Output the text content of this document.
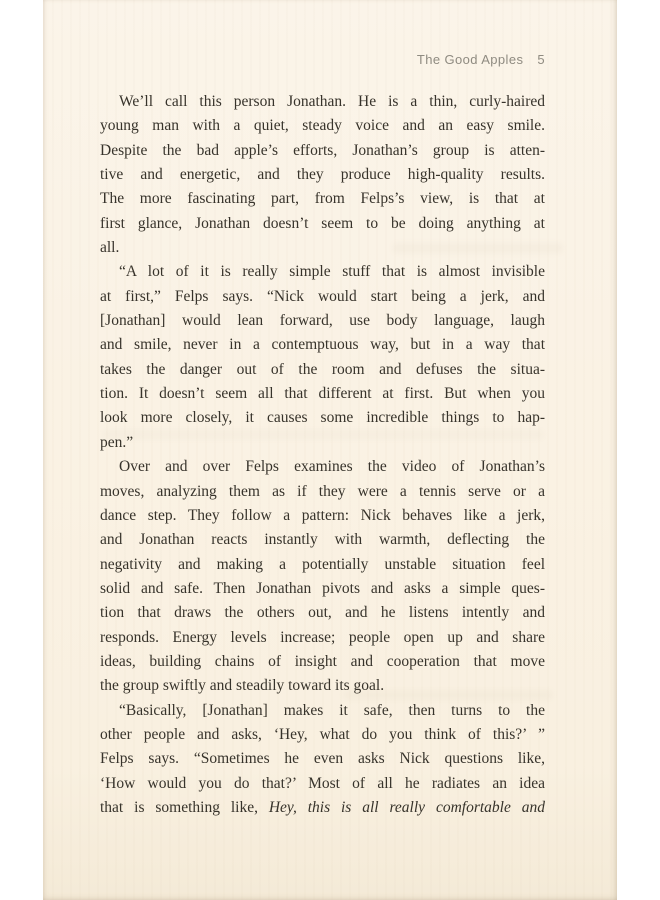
The Good Apples 5
We’ll call this person Jonathan. He is a thin, curly-haired
young man with a quiet, steady voice and an easy smile.
Despite the bad apple’s efforts, Jonathan’s group is atten-
tive and energetic, and they produce high-quality results.
The more fascinating part, from Felps’s view, is that at
first glance, Jonathan doesn’t seem to be doing anything at
all.
“A lot of it is really simple stuff that is almost invisible
at first,” Felps says. “Nick would start being a jerk, and
[Jonathan] would lean forward, use body language, laugh
and smile, never in a contemptuous way, but in a way that
takes the danger out of the room and defuses the situa-
tion. It doesn’t seem all that different at first. But when you
look more closely, it causes some incredible things to hap-
pen.”
Over and over Felps examines the video of Jonathan’s
moves, analyzing them as if they were a tennis serve or a
dance step. They follow a pattern: Nick behaves like a jerk,
and Jonathan reacts instantly with warmth, deflecting the
negativity and making a potentially unstable situation feel
solid and safe. Then Jonathan pivots and asks a simple ques-
tion that draws the others out, and he listens intently and
responds. Energy levels increase; people open up and share
ideas, building chains of insight and cooperation that move
the group swiftly and steadily toward its goal.
“Basically, [Jonathan] makes it safe, then turns to the
other people and asks, ‘Hey, what do you think of this?’ ”
Felps says. “Sometimes he even asks Nick questions like,
‘How would you do that?’ Most of all he radiates an idea
that is something like, Hey, this is all really comfortable and
